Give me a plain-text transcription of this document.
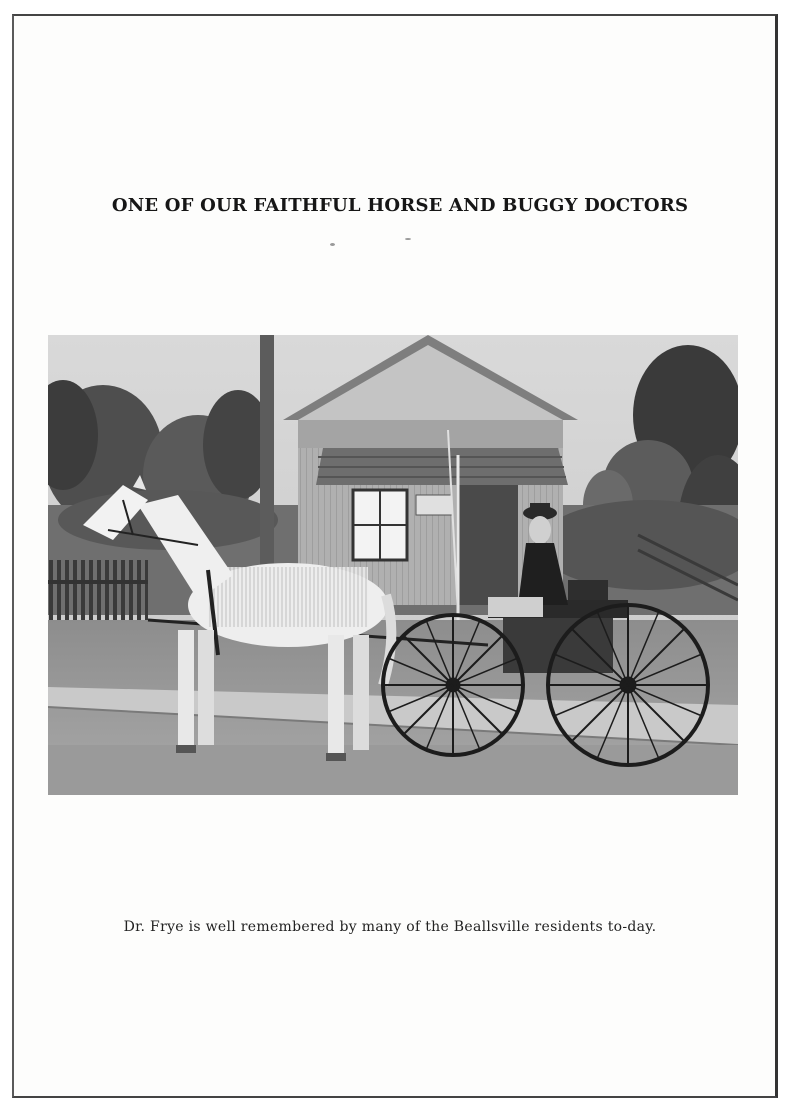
ONE OF OUR FAITHFUL HORSE AND BUGGY DOCTORS
Dr. Frye is well remembered by many of the Beallsville residents to-day.
